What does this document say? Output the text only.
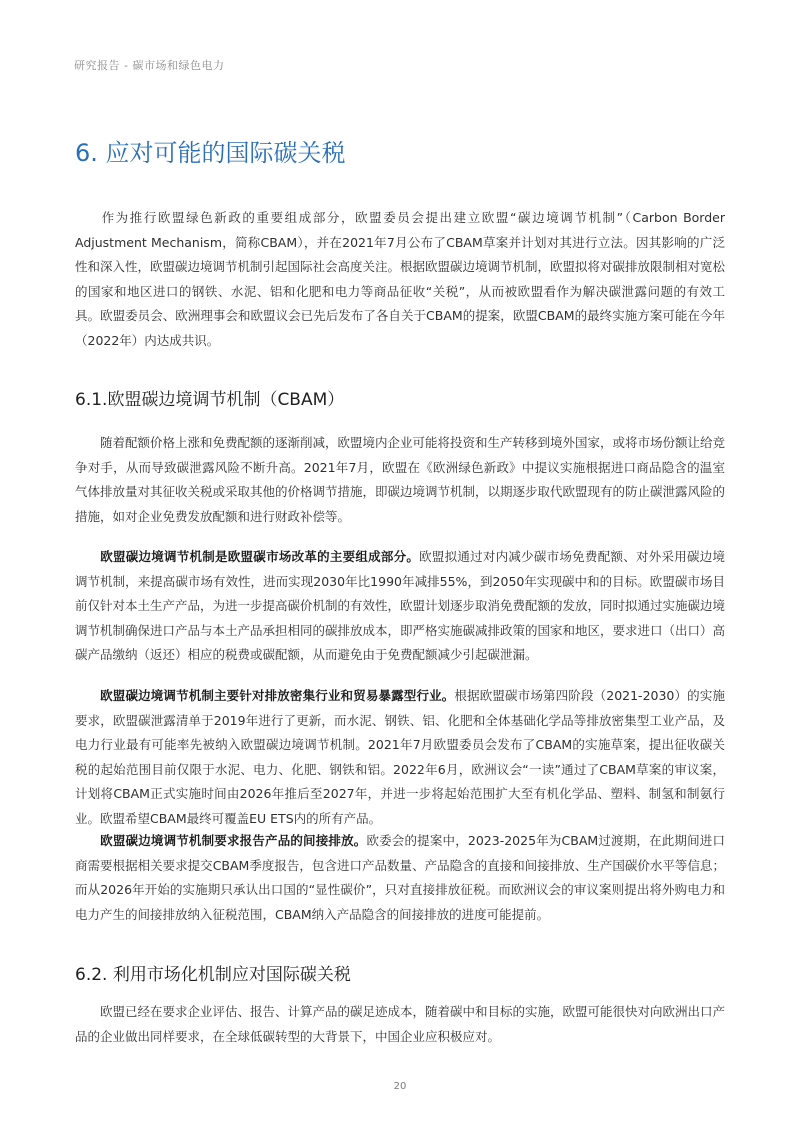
研究报告 - 碳市场和绿色电力
6. 应对可能的国际碳关税

作为推行欧盟绿色新政的重要组成部分，欧盟委员会提出建立欧盟“碳边境调节机制”（Carbon Border Adjustment Mechanism，简称CBAM），并在2021年7月公布了CBAM草案并计划对其进行立法。因其影响的广泛性和深入性，欧盟碳边境调节机制引起国际社会高度关注。根据欧盟碳边境调节机制，欧盟拟将对碳排放限制相对宽松的国家和地区进口的钢铁、水泥、铝和化肥和电力等商品征收“关税”，从而被欧盟看作为解决碳泄露问题的有效工具。欧盟委员会、欧洲理事会和欧盟议会已先后发布了各自关于CBAM的提案，欧盟CBAM的最终实施方案可能在今年（2022年）内达成共识。

6.1.欧盟碳边境调节机制（CBAM）

随着配额价格上涨和免费配额的逐渐削减，欧盟境内企业可能将投资和生产转移到境外国家，或将市场份额让给竞争对手，从而导致碳泄露风险不断升高。2021年7月，欧盟在《欧洲绿色新政》中提议实施根据进口商品隐含的温室气体排放量对其征收关税或采取其他的价格调节措施，即碳边境调节机制，以期逐步取代欧盟现有的防止碳泄露风险的措施，如对企业免费发放配额和进行财政补偿等。

欧盟碳边境调节机制是欧盟碳市场改革的主要组成部分。欧盟拟通过对内减少碳市场免费配额、对外采用碳边境调节机制，来提高碳市场有效性，进而实现2030年比1990年减排55%，到2050年实现碳中和的目标。欧盟碳市场目前仅针对本土生产产品，为进一步提高碳价机制的有效性，欧盟计划逐步取消免费配额的发放，同时拟通过实施碳边境调节机制确保进口产品与本土产品承担相同的碳排放成本，即严格实施碳减排政策的国家和地区，要求进口（出口）高碳产品缴纳（返还）相应的税费或碳配额，从而避免由于免费配额减少引起碳泄漏。

欧盟碳边境调节机制主要针对排放密集行业和贸易暴露型行业。根据欧盟碳市场第四阶段（2021-2030）的实施要求，欧盟碳泄露清单于2019年进行了更新，而水泥、钢铁、铝、化肥和全体基础化学品等排放密集型工业产品，及电力行业最有可能率先被纳入欧盟碳边境调节机制。2021年7月欧盟委员会发布了CBAM的实施草案，提出征收碳关税的起始范围目前仅限于水泥、电力、化肥、钢铁和铝。2022年6月，欧洲议会“一读”通过了CBAM草案的审议案，计划将CBAM正式实施时间由2026年推后至2027年，并进一步将起始范围扩大至有机化学品、塑料、制氢和制氨行业。欧盟希望CBAM最终可覆盖EU ETS内的所有产品。

欧盟碳边境调节机制要求报告产品的间接排放。欧委会的提案中，2023-2025年为CBAM过渡期，在此期间进口商需要根据相关要求提交CBAM季度报告，包含进口产品数量、产品隐含的直接和间接排放、生产国碳价水平等信息；而从2026年开始的实施期只承认出口国的“显性碳价”，只对直接排放征税。而欧洲议会的审议案则提出将外购电力和电力产生的间接排放纳入征税范围，CBAM纳入产品隐含的间接排放的进度可能提前。

6.2. 利用市场化机制应对国际碳关税

欧盟已经在要求企业评估、报告、计算产品的碳足迹成本，随着碳中和目标的实施，欧盟可能很快对向欧洲出口产品的企业做出同样要求，在全球低碳转型的大背景下，中国企业应积极应对。

20
